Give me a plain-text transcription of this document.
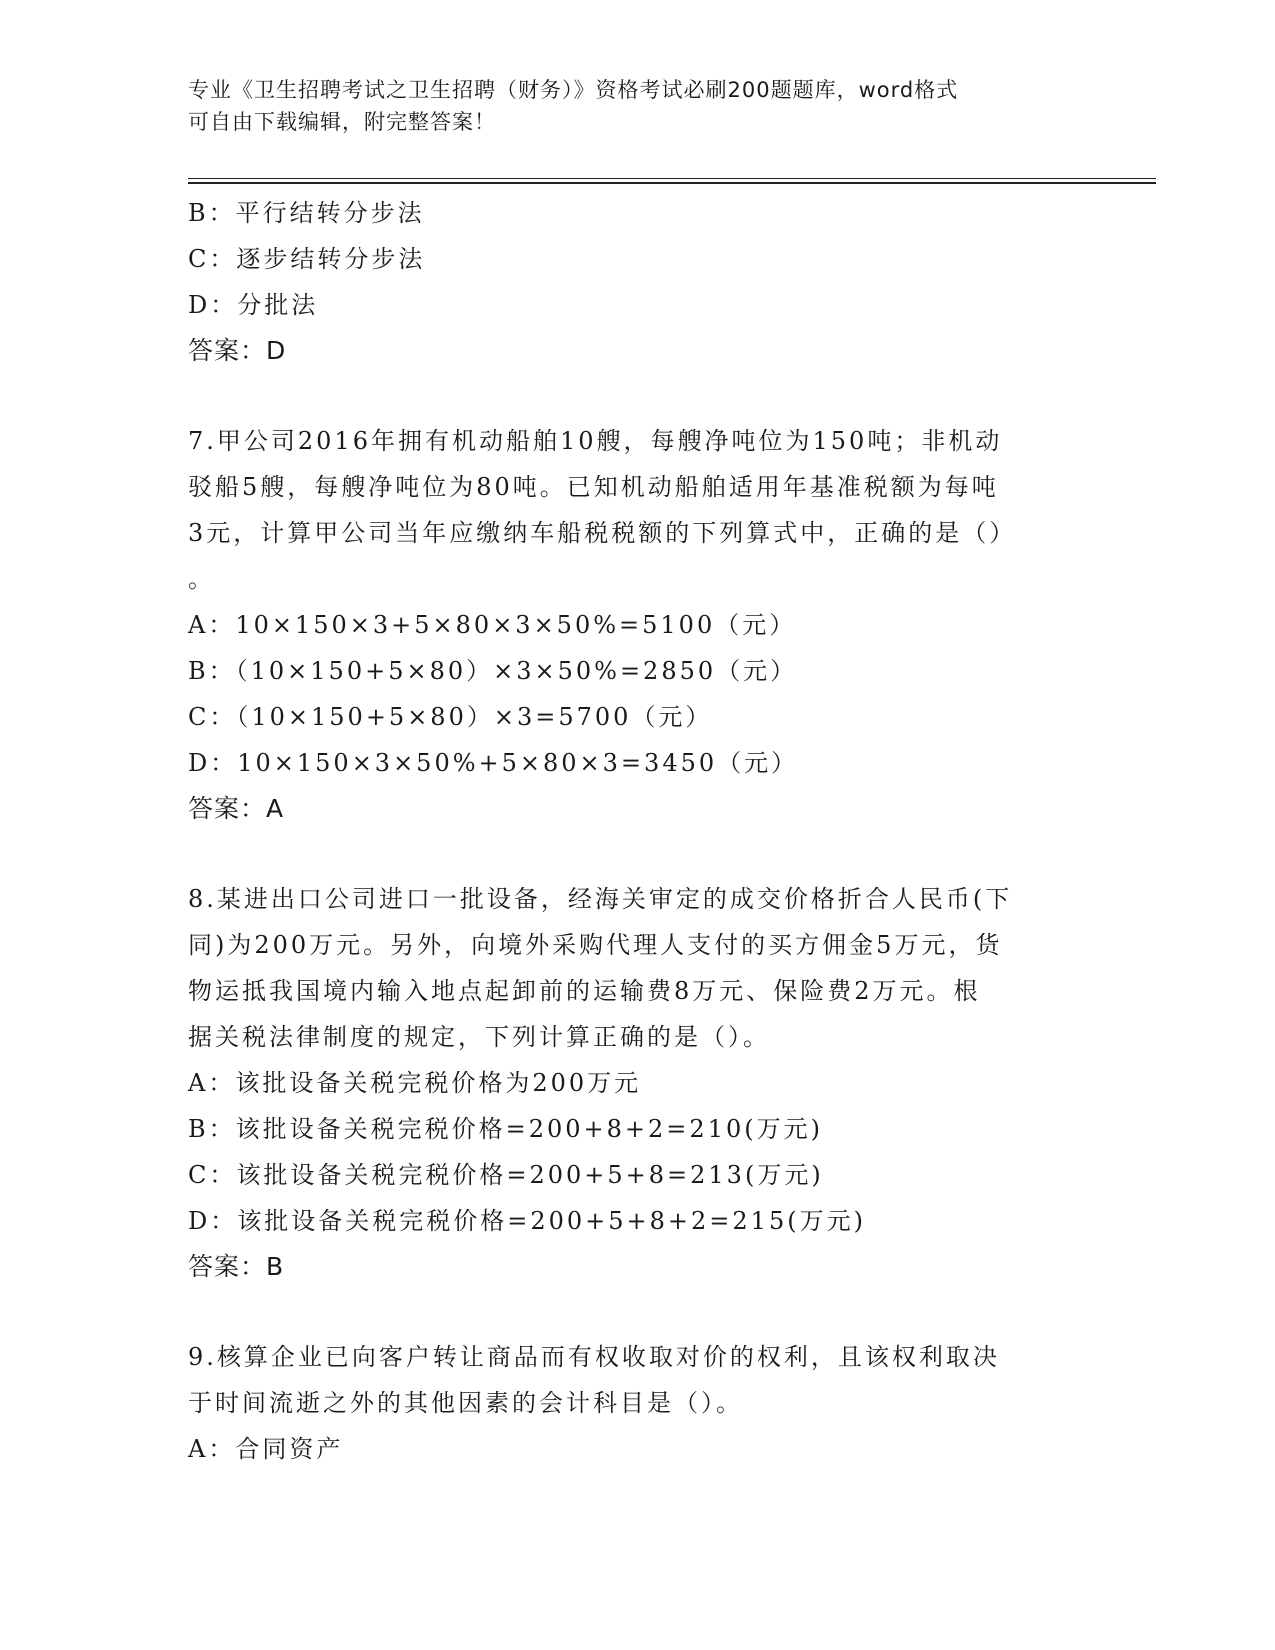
专业《卫生招聘考试之卫生招聘（财务）》资格考试必刷200题题库，word格式
可自由下载编辑，附完整答案！
B：平行结转分步法
C：逐步结转分步法
D：分批法
答案：D
7.甲公司2016年拥有机动船舶10艘，每艘净吨位为150吨；非机动
驳船5艘，每艘净吨位为80吨。已知机动船舶适用年基准税额为每吨
3元，计算甲公司当年应缴纳车船税税额的下列算式中，正确的是（）
。
A：10×150×3+5×80×3×50%=5100（元）
B：（10×150+5×80）×3×50%=2850（元）
C：（10×150+5×80）×3=5700（元）
D：10×150×3×50%+5×80×3=3450（元）
答案：A
8.某进出口公司进口一批设备，经海关审定的成交价格折合人民币(下
同)为200万元。另外，向境外采购代理人支付的买方佣金5万元，货
物运抵我国境内输入地点起卸前的运输费8万元、保险费2万元。根
据关税法律制度的规定，下列计算正确的是（）。
A：该批设备关税完税价格为200万元
B：该批设备关税完税价格=200+8+2=210(万元)
C：该批设备关税完税价格=200+5+8=213(万元)
D：该批设备关税完税价格=200+5+8+2=215(万元)
答案：B
9.核算企业已向客户转让商品而有权收取对价的权利，且该权利取决
于时间流逝之外的其他因素的会计科目是（）。
A：合同资产
